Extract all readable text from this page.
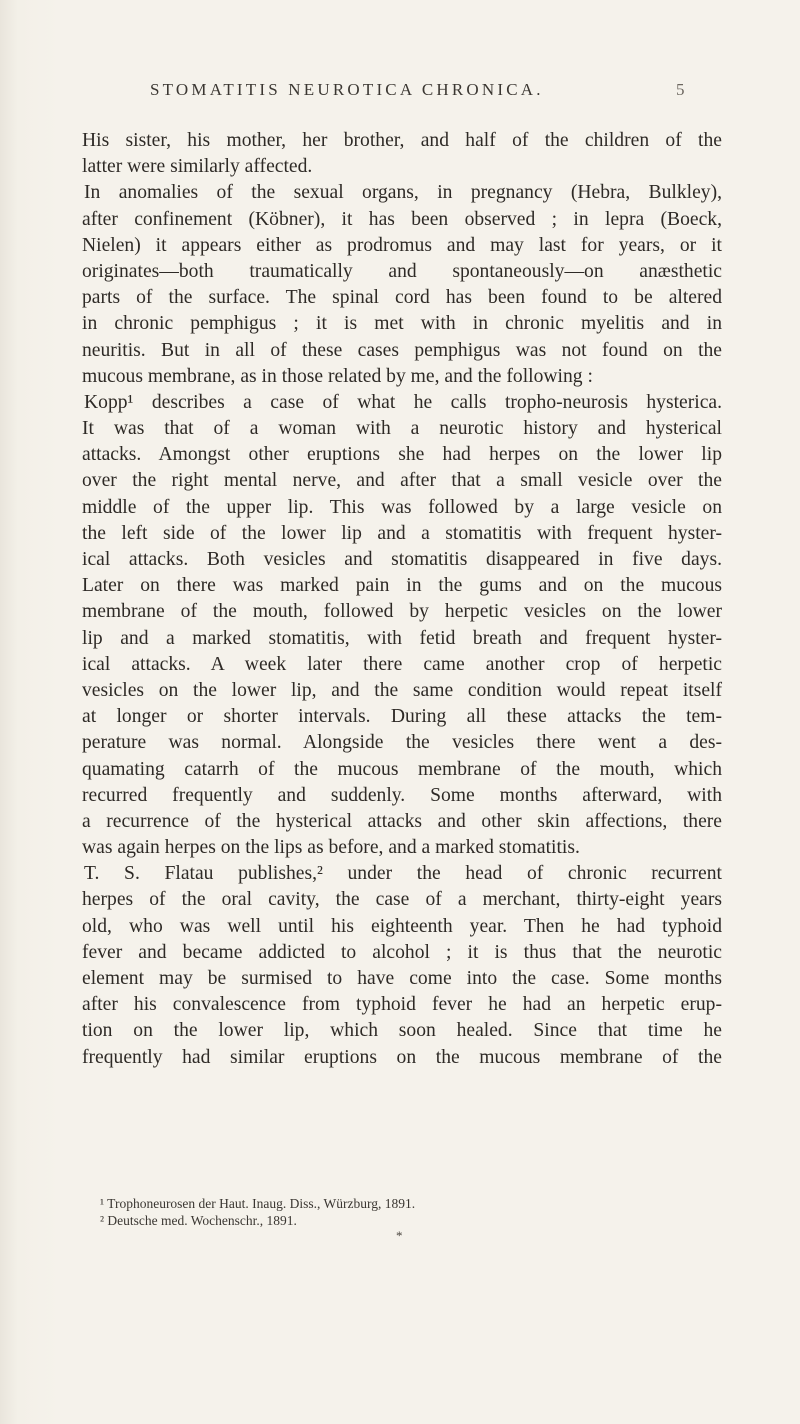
STOMATITIS NEUROTICA CHRONICA.	5
His sister, his mother, her brother, and half of the children of the
latter were similarly affected.
In anomalies of the sexual organs, in pregnancy (Hebra, Bulkley),
after confinement (Köbner), it has been observed ; in lepra (Boeck,
Nielen) it appears either as prodromus and may last for years, or it
originates—both traumatically and spontaneously—on anæsthetic
parts of the surface. The spinal cord has been found to be altered
in chronic pemphigus ; it is met with in chronic myelitis and in
neuritis. But in all of these cases pemphigus was not found on the
mucous membrane, as in those related by me, and the following :
Kopp¹ describes a case of what he calls tropho-neurosis hysterica.
It was that of a woman with a neurotic history and hysterical
attacks. Amongst other eruptions she had herpes on the lower lip
over the right mental nerve, and after that a small vesicle over the
middle of the upper lip. This was followed by a large vesicle on
the left side of the lower lip and a stomatitis with frequent hyster-
ical attacks. Both vesicles and stomatitis disappeared in five days.
Later on there was marked pain in the gums and on the mucous
membrane of the mouth, followed by herpetic vesicles on the lower
lip and a marked stomatitis, with fetid breath and frequent hyster-
ical attacks. A week later there came another crop of herpetic
vesicles on the lower lip, and the same condition would repeat itself
at longer or shorter intervals. During all these attacks the tem-
perature was normal. Alongside the vesicles there went a des-
quamating catarrh of the mucous membrane of the mouth, which
recurred frequently and suddenly. Some months afterward, with
a recurrence of the hysterical attacks and other skin affections, there
was again herpes on the lips as before, and a marked stomatitis.
T. S. Flatau publishes,² under the head of chronic recurrent
herpes of the oral cavity, the case of a merchant, thirty-eight years
old, who was well until his eighteenth year. Then he had typhoid
fever and became addicted to alcohol ; it is thus that the neurotic
element may be surmised to have come into the case. Some months
after his convalescence from typhoid fever he had an herpetic erup-
tion on the lower lip, which soon healed. Since that time he
frequently had similar eruptions on the mucous membrane of the
¹ Trophoneurosen der Haut. Inaug. Diss., Würzburg, 1891.
² Deutsche med. Wochenschr., 1891.
*
